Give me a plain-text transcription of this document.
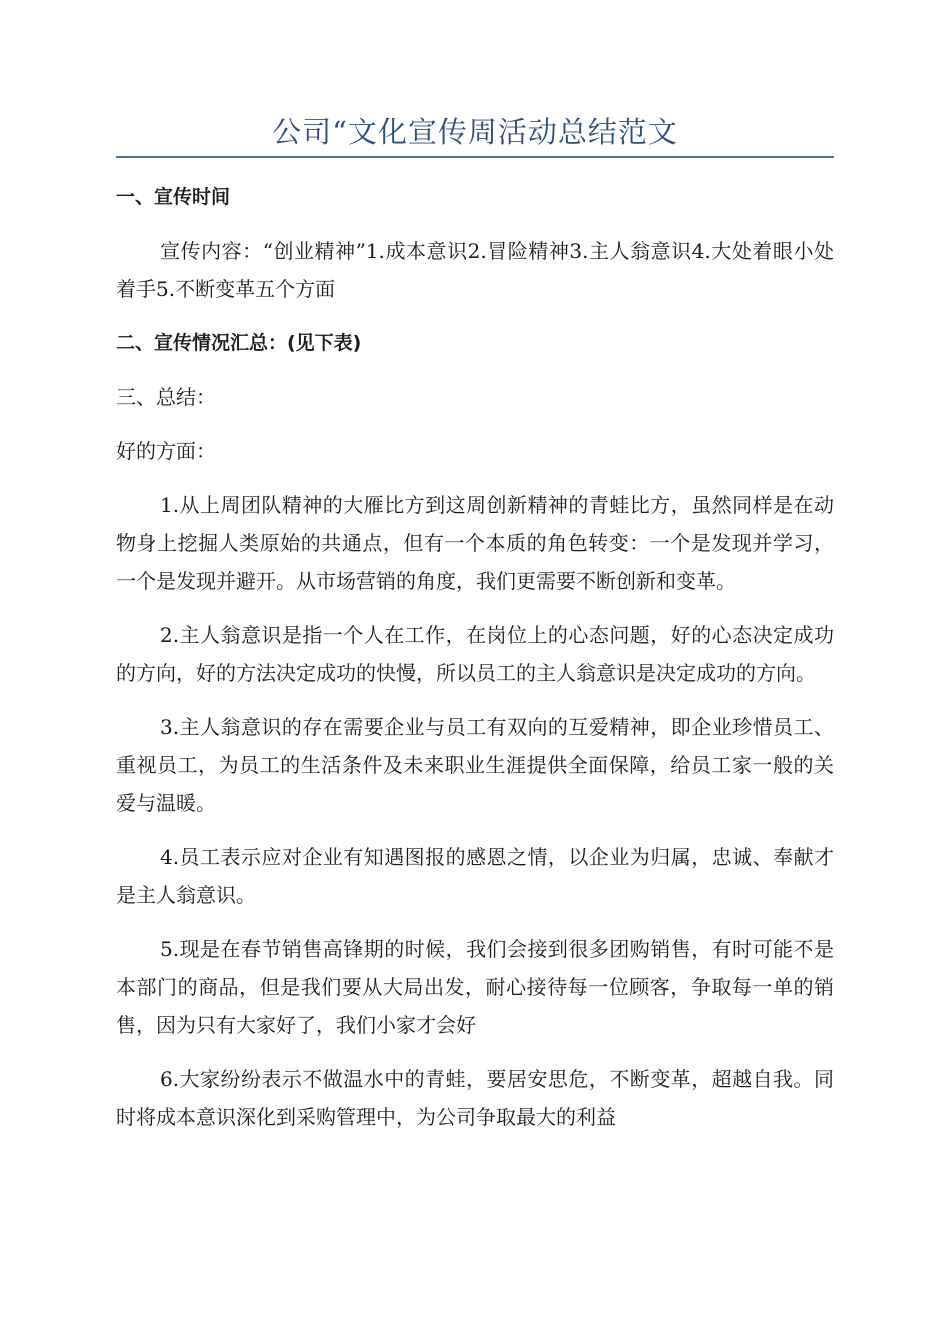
公司“文化宣传周活动总结范文

一、宣传时间

宣传内容：“创业精神”1.成本意识2.冒险精神3.主人翁意识4.大处着眼小处着手5.不断变革五个方面

二、宣传情况汇总：(见下表)

三、总结：

好的方面：

1.从上周团队精神的大雁比方到这周创新精神的青蛙比方，虽然同样是在动物身上挖掘人类原始的共通点，但有一个本质的角色转变：一个是发现并学习，一个是发现并避开。从市场营销的角度，我们更需要不断创新和变革。

2.主人翁意识是指一个人在工作，在岗位上的心态问题，好的心态决定成功的方向，好的方法决定成功的快慢，所以员工的主人翁意识是决定成功的方向。

3.主人翁意识的存在需要企业与员工有双向的互爱精神，即企业珍惜员工、重视员工，为员工的生活条件及未来职业生涯提供全面保障，给员工家一般的关爱与温暖。

4.员工表示应对企业有知遇图报的感恩之情，以企业为归属，忠诚、奉献才是主人翁意识。

5.现是在春节销售高锋期的时候，我们会接到很多团购销售，有时可能不是本部门的商品，但是我们要从大局出发，耐心接待每一位顾客，争取每一单的销售，因为只有大家好了，我们小家才会好

6.大家纷纷表示不做温水中的青蛙，要居安思危，不断变革，超越自我。同时将成本意识深化到采购管理中，为公司争取最大的利益
